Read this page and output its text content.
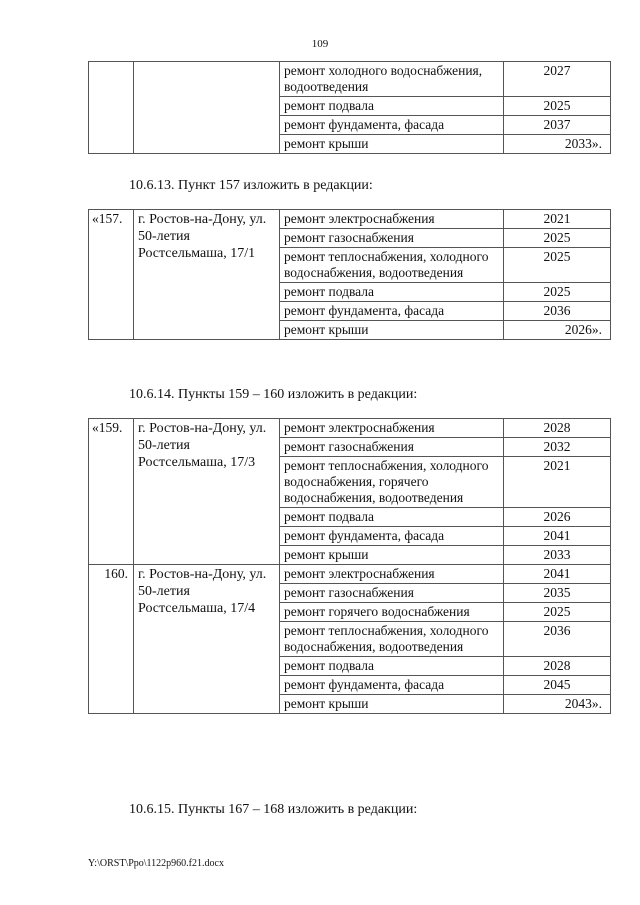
109
		ремонт холодного водоснабжения, водоотведения	2027
		ремонт подвала	2025
		ремонт фундамента, фасада	2037
		ремонт крыши	2033».
10.6.13. Пункт 157 изложить в редакции:
«157.	г. Ростов-на-Дону, ул. 50-летия Ростсельмаша, 17/1	ремонт электроснабжения	2021
		ремонт газоснабжения	2025
		ремонт теплоснабжения, холодного водоснабжения, водоотведения	2025
		ремонт подвала	2025
		ремонт фундамента, фасада	2036
		ремонт крыши	2026».
10.6.14. Пункты 159 – 160 изложить в редакции:
«159.	г. Ростов-на-Дону, ул. 50-летия Ростсельмаша, 17/3	ремонт электроснабжения	2028
		ремонт газоснабжения	2032
		ремонт теплоснабжения, холодного водоснабжения, горячего водоснабжения, водоотведения	2021
		ремонт подвала	2026
		ремонт фундамента, фасада	2041
		ремонт крыши	2033
160.	г. Ростов-на-Дону, ул. 50-летия Ростсельмаша, 17/4	ремонт электроснабжения	2041
		ремонт газоснабжения	2035
		ремонт горячего водоснабжения	2025
		ремонт теплоснабжения, холодного водоснабжения, водоотведения	2036
		ремонт подвала	2028
		ремонт фундамента, фасада	2045
		ремонт крыши	2043».
10.6.15. Пункты 167 – 168 изложить в редакции:
Y:\ORST\Ppo\1122p960.f21.docx
